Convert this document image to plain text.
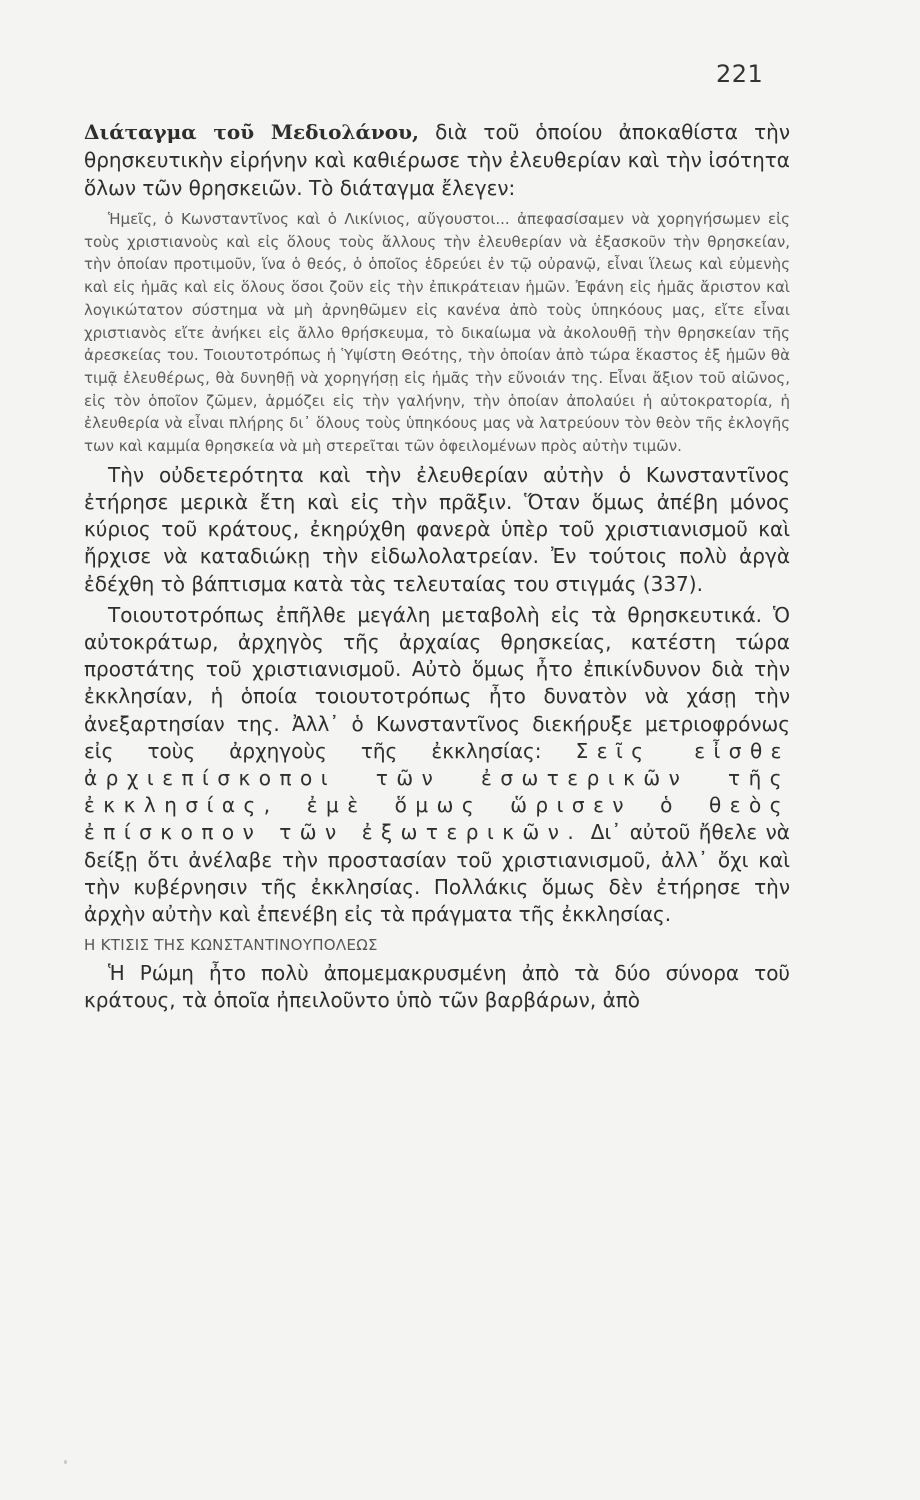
221

Διάταγμα τοῦ Μεδιολάνου, διὰ τοῦ ὁποίου ἀποκαθίστα τὴν θρησκευτικὴν εἰρήνην καὶ καθιέρωσε τὴν ἐλευθερίαν καὶ τὴν ἰσότητα ὅλων τῶν θρησκειῶν. Τὸ διάταγμα ἔλεγεν:

Ἡμεῖς, ὁ Κωνσταντῖνος καὶ ὁ Λικίνιος, αὔγουστοι... ἀπεφασίσαμεν νὰ χορηγήσωμεν εἰς τοὺς χριστιανοὺς καὶ εἰς ὅλους τοὺς ἄλλους τὴν ἐλευθερίαν νὰ ἐξασκοῦν τὴν θρησκείαν, τὴν ὁποίαν προτιμοῦν, ἵνα ὁ θεός, ὁ ὁποῖος ἑδρεύει ἐν τῷ οὐρανῷ, εἶναι ἵλεως καὶ εὐμενὴς καὶ εἰς ἡμᾶς καὶ εἰς ὅλους ὅσοι ζοῦν εἰς τὴν ἐπικράτειαν ἡμῶν. Ἐφάνη εἰς ἡμᾶς ἄριστον καὶ λογικώτατον σύστημα νὰ μὴ ἀρνηθῶμεν εἰς κανένα ἀπὸ τοὺς ὑπηκόους μας, εἴτε εἶναι χριστιανὸς εἴτε ἀνήκει εἰς ἄλλο θρήσκευμα, τὸ δικαίωμα νὰ ἀκολουθῇ τὴν θρησκείαν τῆς ἀρεσκείας του. Τοιουτοτρόπως ἡ Ὑψίστη Θεότης, τὴν ὁποίαν ἀπὸ τώρα ἕκαστος ἐξ ἡμῶν θὰ τιμᾷ ἐλευθέρως, θὰ δυνηθῇ νὰ χορηγήσῃ εἰς ἡμᾶς τὴν εὔνοιάν της. Εἶναι ἄξιον τοῦ αἰῶνος, εἰς τὸν ὁποῖον ζῶμεν, ἁρμόζει εἰς τὴν γαλήνην, τὴν ὁποίαν ἀπολαύει ἡ αὐτοκρατορία, ἡ ἐλευθερία νὰ εἶναι πλήρης δι᾽ ὅλους τοὺς ὑπηκόους μας νὰ λατρεύουν τὸν θεὸν τῆς ἐκλογῆς των καὶ καμμία θρησκεία νὰ μὴ στερεῖται τῶν ὀφειλομένων πρὸς αὐτὴν τιμῶν.

Τὴν οὐδετερότητα καὶ τὴν ἐλευθερίαν αὐτὴν ὁ Κωνσταντῖνος ἐτήρησε μερικὰ ἔτη καὶ εἰς τὴν πρᾶξιν. Ὅταν ὅμως ἀπέβη μόνος κύριος τοῦ κράτους, ἐκηρύχθη φανερὰ ὑπὲρ τοῦ χριστιανισμοῦ καὶ ἤρχισε νὰ καταδιώκῃ τὴν εἰδωλολατρείαν. Ἐν τούτοις πολὺ ἀργὰ ἐδέχθη τὸ βάπτισμα κατὰ τὰς τελευταίας του στιγμάς (337).

Τοιουτοτρόπως ἐπῆλθε μεγάλη μεταβολὴ εἰς τὰ θρησκευτικά. Ὁ αὐτοκράτωρ, ἀρχηγὸς τῆς ἀρχαίας θρησκείας, κατέστη τώρα προστάτης τοῦ χριστιανισμοῦ. Αὐτὸ ὅμως ἦτο ἐπικίνδυνον διὰ τὴν ἐκκλησίαν, ἡ ὁποία τοιουτοτρόπως ἦτο δυνατὸν νὰ χάσῃ τὴν ἀνεξαρτησίαν της. Ἀλλ᾽ ὁ Κωνσταντῖνος διεκήρυξε μετριοφρόνως εἰς τοὺς ἀρχηγοὺς τῆς ἐκκλησίας: Σεῖς εἶσθε ἀρχιεπίσκοποι τῶν ἐσωτερικῶν τῆς ἐκκλησίας, ἐμὲ ὅμως ὥρισεν ὁ θεὸς ἐπίσκοπον τῶν ἐξωτερικῶν. Δι᾽ αὐτοῦ ἤθελε νὰ δείξῃ ὅτι ἀνέλαβε τὴν προστασίαν τοῦ χριστιανισμοῦ, ἀλλ᾽ ὄχι καὶ τὴν κυβέρνησιν τῆς ἐκκλησίας. Πολλάκις ὅμως δὲν ἐτήρησε τὴν ἀρχὴν αὐτὴν καὶ ἐπενέβη εἰς τὰ πράγματα τῆς ἐκκλησίας.

Η ΚΤΙΣΙΣ ΤΗΣ ΚΩΝΣΤΑΝΤΙΝΟΥΠΟΛΕΩΣ

Ἡ Ρώμη ἦτο πολὺ ἀπομεμακρυσμένη ἀπὸ τὰ δύο σύνορα τοῦ κράτους, τὰ ὁποῖα ἠπειλοῦντο ὑπὸ τῶν βαρβάρων, ἀπὸ
